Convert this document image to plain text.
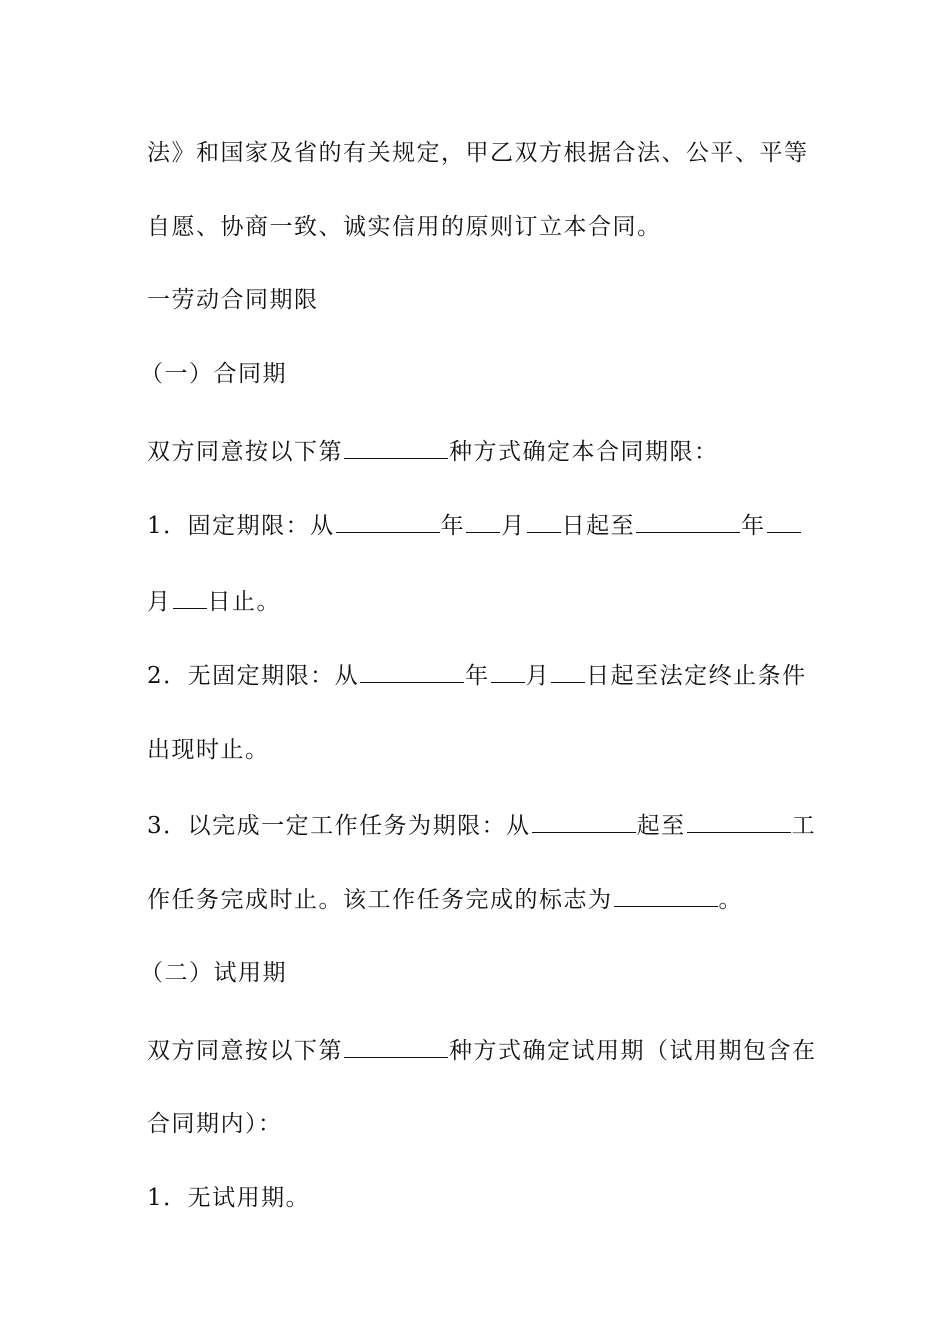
法》和国家及省的有关规定，甲乙双方根据合法、公平、平等
自愿、协商一致、诚实信用的原则订立本合同。
一劳动合同期限
（一）合同期
双方同意按以下第	种方式确定本合同期限：
1．固定期限：从	年 月 日起至	年
月 日止。
2．无固定期限：从	年 月 日起至法定终止条件
出现时止。
3．以完成一定工作任务为期限：从	起至	工
作任务完成时止。该工作任务完成的标志为	。
（二）试用期
双方同意按以下第	种方式确定试用期（试用期包含在
合同期内）：
1．无试用期。
